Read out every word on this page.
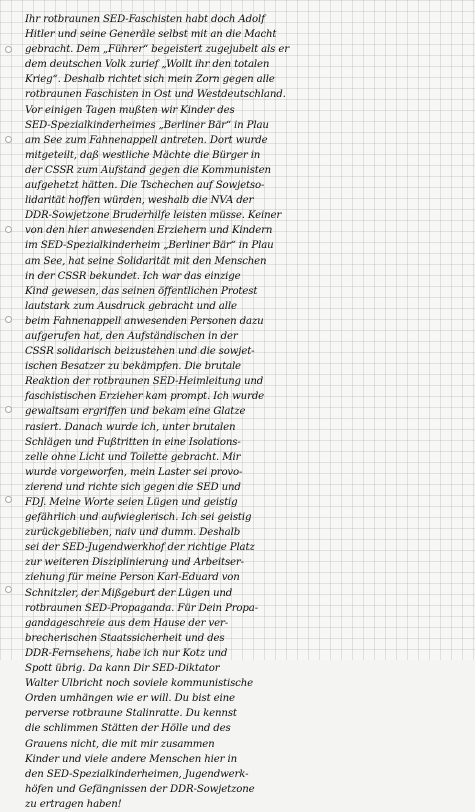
Ihr rotbraunen SED-Faschisten habt doch Adolf
Hitler und seine Generäle selbst mit an die Macht
gebracht. Dem „Führer“ begeistert zugejubelt als er
dem deutschen Volk zurief „Wollt ihr den totalen
Krieg“. Deshalb richtet sich mein Zorn gegen alle
rotbraunen Faschisten in Ost und Westdeutschland.
Vor einigen Tagen mußten wir Kinder des
SED-Spezialkinderheimes „Berliner Bär“ in Plau
am See zum Fahnenappell antreten. Dort wurde
mitgeteilt, daß westliche Mächte die Bürger in
der CSSR zum Aufstand gegen die Kommunisten
aufgehetzt hätten. Die Tschechen auf Sowjetso-
lidarität hoffen würden, weshalb die NVA der
DDR-Sowjetzone Bruderhilfe leisten müsse. Keiner
von den hier anwesenden Erziehern und Kindern
im SED-Spezialkinderheim „Berliner Bär“ in Plau
am See, hat seine Solidarität mit den Menschen
in der CSSR bekundet. Ich war das einzige
Kind gewesen, das seinen öffentlichen Protest
lautstark zum Ausdruck gebracht und alle
beim Fahnenappell anwesenden Personen dazu
aufgerufen hat, den Aufständischen in der
CSSR solidarisch beizustehen und die sowjet-
ischen Besatzer zu bekämpfen. Die brutale
Reaktion der rotbraunen SED-Heimleitung und
faschistischen Erzieher kam prompt. Ich wurde
gewaltsam ergriffen und bekam eine Glatze
rasiert. Danach wurde ich, unter brutalen
Schlägen und Fußtritten in eine Isolations-
zelle ohne Licht und Toilette gebracht. Mir
wurde vorgeworfen, mein Laster sei provo-
zierend und richte sich gegen die SED und
FDJ. Meine Worte seien Lügen und geistig
gefährlich und aufwieglerisch. Ich sei geistig
zurückgeblieben, naiv und dumm. Deshalb
sei der SED-Jugendwerkhof der richtige Platz
zur weiteren Disziplinierung und Arbeitser-
ziehung für meine Person Karl-Eduard von
Schnitzler, der Mißgeburt der Lügen und
rotbraunen SED-Propaganda. Für Dein Propa-
gandageschreie aus dem Hause der ver-
brecherischen Staatssicherheit und des
DDR-Fernsehens, habe ich nur Kotz und
Spott übrig. Da kann Dir SED-Diktator
Walter Ulbricht noch soviele kommunistische
Orden umhängen wie er will. Du bist eine
perverse rotbraune Stalinratte. Du kennst
die schlimmen Stätten der Hölle und des
Grauens nicht, die mit mir zusammen
Kinder und viele andere Menschen hier in
den SED-Spezialkinderheimen, Jugendwerk-
höfen und Gefängnissen der DDR-Sowjetzone
zu ertragen haben!
